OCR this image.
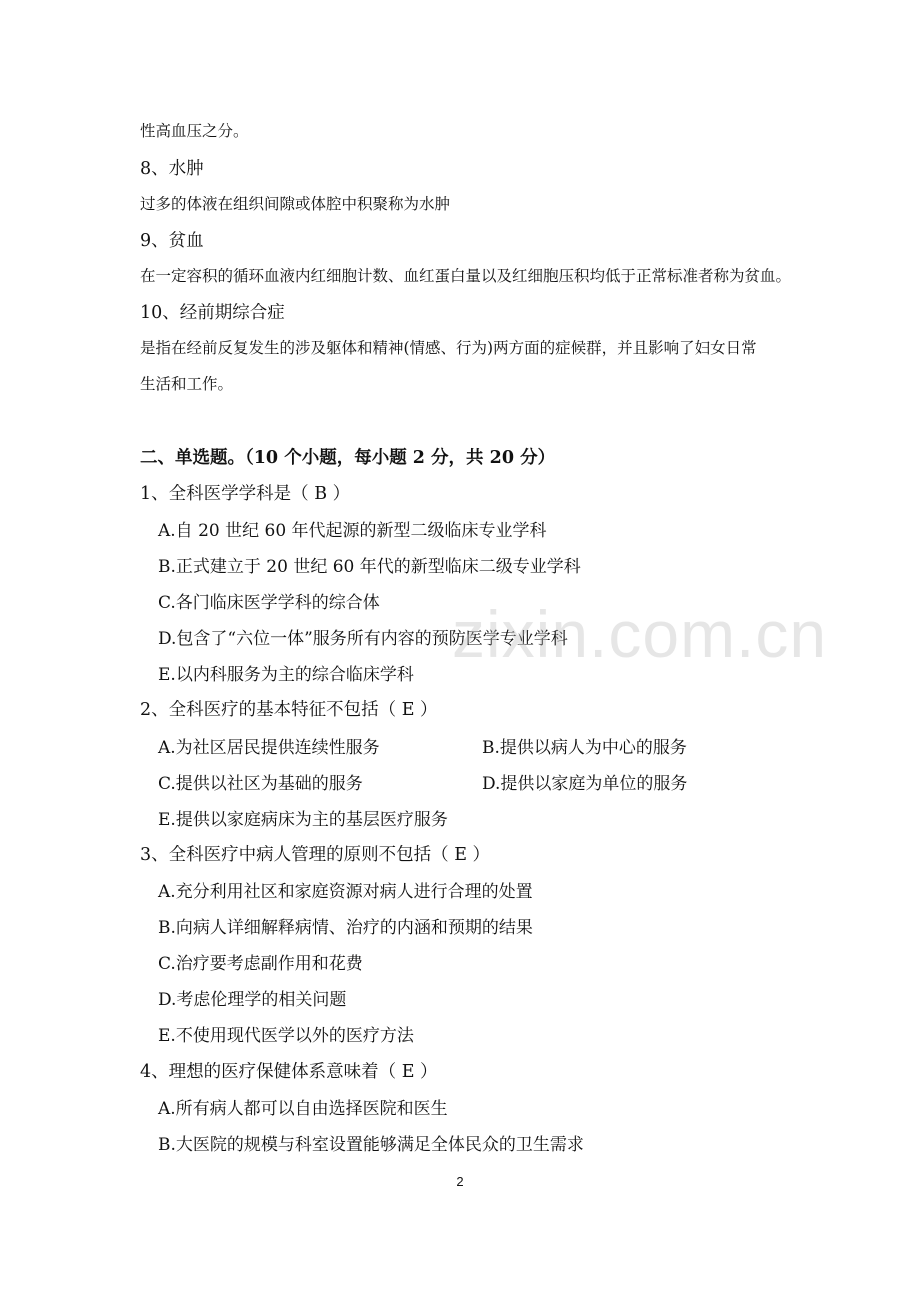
性高血压之分。
8、水肿
过多的体液在组织间隙或体腔中积聚称为水肿
9、贫血
在一定容积的循环血液内红细胞计数、血红蛋白量以及红细胞压积均低于正常标准者称为贫血。
10、经前期综合症
是指在经前反复发生的涉及躯体和精神(情感、行为)两方面的症候群，并且影响了妇女日常
生活和工作。
二、单选题。（10 个小题，每小题 2 分，共 20 分）
1、全科医学学科是（ B ）
A.自 20 世纪 60 年代起源的新型二级临床专业学科
B.正式建立于 20 世纪 60 年代的新型临床二级专业学科
C.各门临床医学学科的综合体
D.包含了“六位一体”服务所有内容的预防医学专业学科
E.以内科服务为主的综合临床学科
2、全科医疗的基本特征不包括（ E ）
A.为社区居民提供连续性服务	B.提供以病人为中心的服务
C.提供以社区为基础的服务	D.提供以家庭为单位的服务
E.提供以家庭病床为主的基层医疗服务
3、全科医疗中病人管理的原则不包括（ E ）
A.充分利用社区和家庭资源对病人进行合理的处置
B.向病人详细解释病情、治疗的内涵和预期的结果
C.治疗要考虑副作用和花费
D.考虑伦理学的相关问题
E.不使用现代医学以外的医疗方法
4、理想的医疗保健体系意味着（ E ）
A.所有病人都可以自由选择医院和医生
B.大医院的规模与科室设置能够满足全体民众的卫生需求
zixin.com.cn
2
